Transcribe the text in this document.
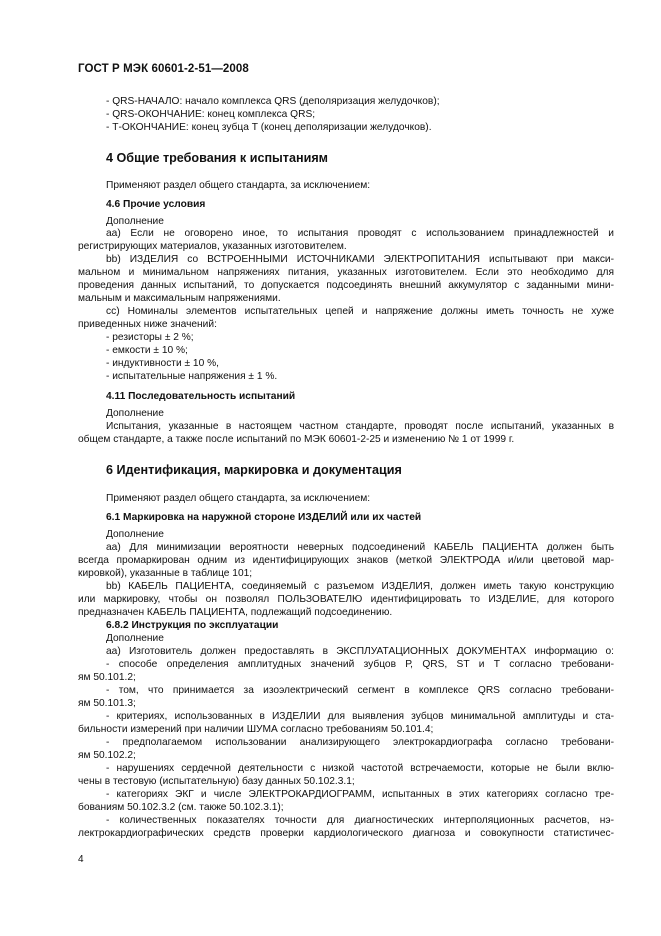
ГОСТ Р МЭК 60601-2-51—2008
- QRS-НАЧАЛО: начало комплекса QRS (деполяризация желудочков);
- QRS-ОКОНЧАНИЕ: конец комплекса QRS;
- Т-ОКОНЧАНИЕ: конец зубца Т (конец деполяризации желудочков).
4 Общие требования к испытаниям
Применяют раздел общего стандарта, за исключением:
4.6 Прочие условия
Дополнение
аа) Если не оговорено иное, то испытания проводят с использованием принадлежностей и
регистрирующих материалов, указанных изготовителем.
bb) ИЗДЕЛИЯ со ВСТРОЕННЫМИ ИСТОЧНИКАМИ ЭЛЕКТРОПИТАНИЯ испытывают при макси-
мальном и минимальном напряжениях питания, указанных изготовителем. Если это необходимо для
проведения данных испытаний, то допускается подсоединять внешний аккумулятор с заданными мини-
мальным и максимальным напряжениями.
сс) Номиналы элементов испытательных цепей и напряжение должны иметь точность не хуже
приведенных ниже значений:
- резисторы ± 2 %;
- емкости ± 10 %;
- индуктивности ± 10 %,
- испытательные напряжения ± 1 %.
4.11 Последовательность испытаний
Дополнение
Испытания, указанные в настоящем частном стандарте, проводят после испытаний, указанных в
общем стандарте, а также после испытаний по МЭК 60601-2-25 и изменению № 1 от 1999 г.
6 Идентификация, маркировка и документация
Применяют раздел общего стандарта, за исключением:
6.1 Маркировка на наружной стороне ИЗДЕЛИЙ или их частей
Дополнение
аа) Для минимизации вероятности неверных подсоединений КАБЕЛЬ ПАЦИЕНТА должен быть
всегда промаркирован одним из идентифицирующих знаков (меткой ЭЛЕКТРОДА и/или цветовой мар-
кировкой), указанные в таблице 101;
bb) КАБЕЛЬ ПАЦИЕНТА, соединяемый с разъемом ИЗДЕЛИЯ, должен иметь такую конструкцию
или маркировку, чтобы он позволял ПОЛЬЗОВАТЕЛЮ идентифицировать то ИЗДЕЛИЕ, для которого
предназначен КАБЕЛЬ ПАЦИЕНТА, подлежащий подсоединению.
6.8.2 Инструкция по эксплуатации
Дополнение
аа) Изготовитель должен предоставлять в ЭКСПЛУАТАЦИОННЫХ ДОКУМЕНТАХ информацию о:
- способе определения амплитудных значений зубцов Р, QRS, ST и Т согласно требовани-
ям 50.101.2;
- том, что принимается за изоэлектрический сегмент в комплексе QRS согласно требовани-
ям 50.101.3;
- критериях, использованных в ИЗДЕЛИИ для выявления зубцов минимальной амплитуды и ста-
бильности измерений при наличии ШУМА согласно требованиям 50.101.4;
- предполагаемом использовании анализирующего электрокардиографа согласно требовани-
ям 50.102.2;
- нарушениях сердечной деятельности с низкой частотой встречаемости, которые не были вклю-
чены в тестовую (испытательную) базу данных 50.102.3.1;
- категориях ЭКГ и числе ЭЛЕКТРОКАРДИОГРАММ, испытанных в этих категориях согласно тре-
бованиям 50.102.3.2 (см. также 50.102.3.1);
- количественных показателях точности для диагностических интерполяционных расчетов, нэ-
лектрокардиографических средств проверки кардиологического диагноза и совокупности статистичес-
4
